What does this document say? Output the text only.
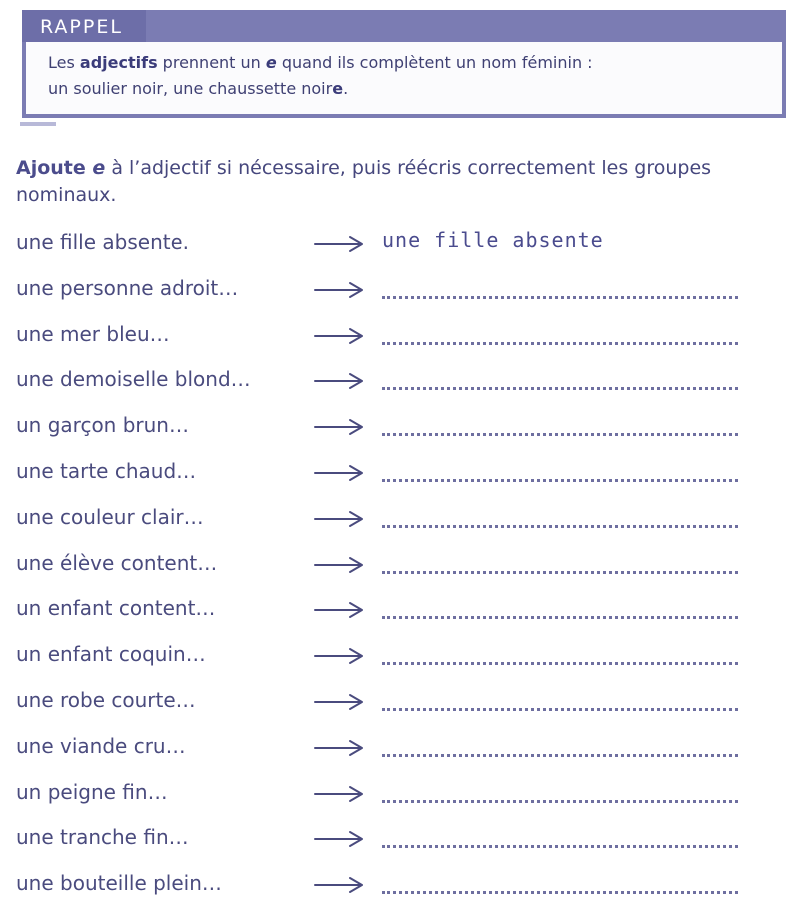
RAPPEL
Les adjectifs prennent un e quand ils complètent un nom féminin :
un soulier noir, une chaussette noire.
Ajoute e à l’adjectif si nécessaire, puis réécris correctement les groupes nominaux.
une fille absente.	une fille absente
une personne adroit…
une mer bleu…
une demoiselle blond…
un garçon brun…
une tarte chaud…
une couleur clair…
une élève content…
un enfant content…
un enfant coquin…
une robe courte…
une viande cru…
un peigne fin…
une tranche fin…
une bouteille plein…
